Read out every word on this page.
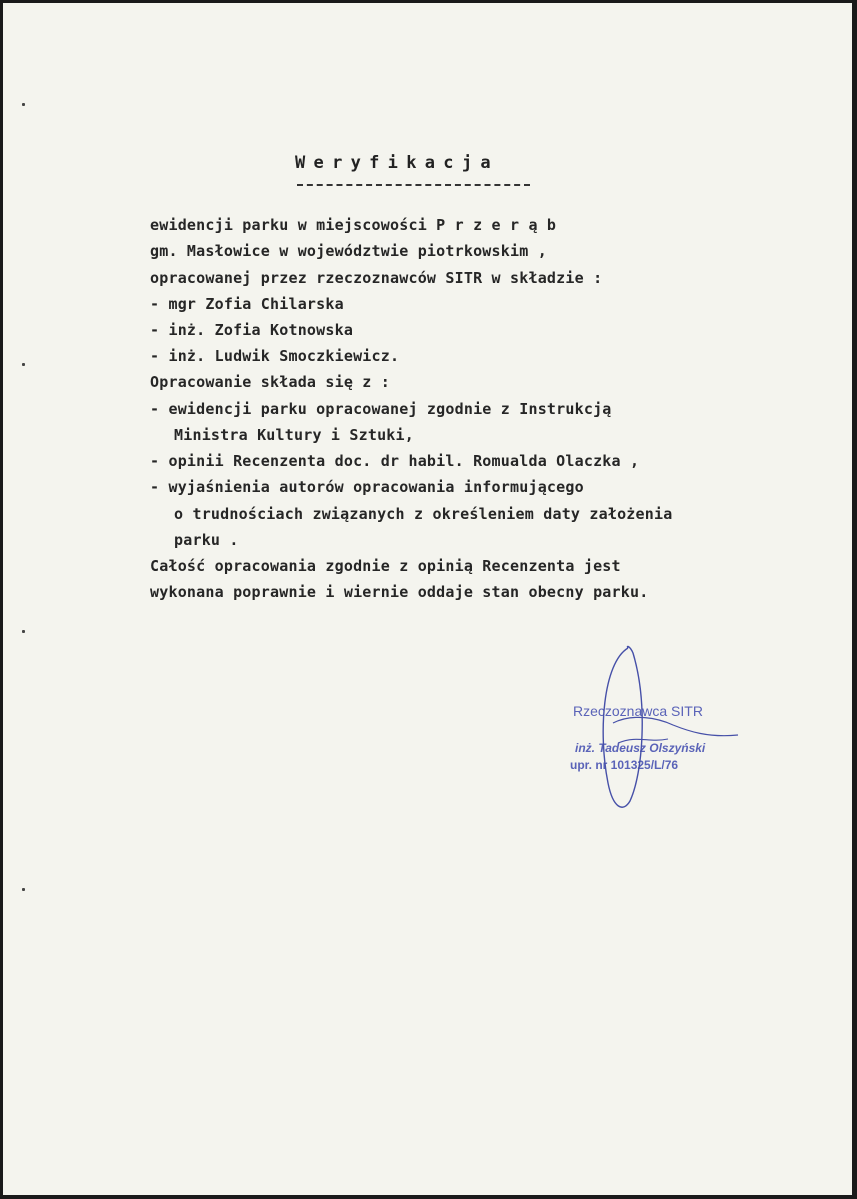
Weryfikacja
ewidencji parku w miejscowości P r z e r ą b
gm. Masłowice w województwie piotrkowskim ,
opracowanej przez rzeczoznawców SITR w składzie :
- mgr Zofia Chilarska
- inż. Zofia Kotnowska
- inż. Ludwik Smoczkiewicz.
Opracowanie składa się z :
- ewidencji parku opracowanej zgodnie z Instrukcją
Ministra Kultury i Sztuki,
- opinii Recenzenta doc. dr habil. Romualda Olaczka ,
- wyjaśnienia autorów opracowania informującego
o trudnościach związanych z określeniem daty założenia
parku .
Całość opracowania zgodnie z opinią Recenzenta jest
wykonana poprawnie i wiernie oddaje stan obecny parku.
Rzeczoznawca SITR
inż. Tadeusz Olszyński
upr. nr 101325/L/76
